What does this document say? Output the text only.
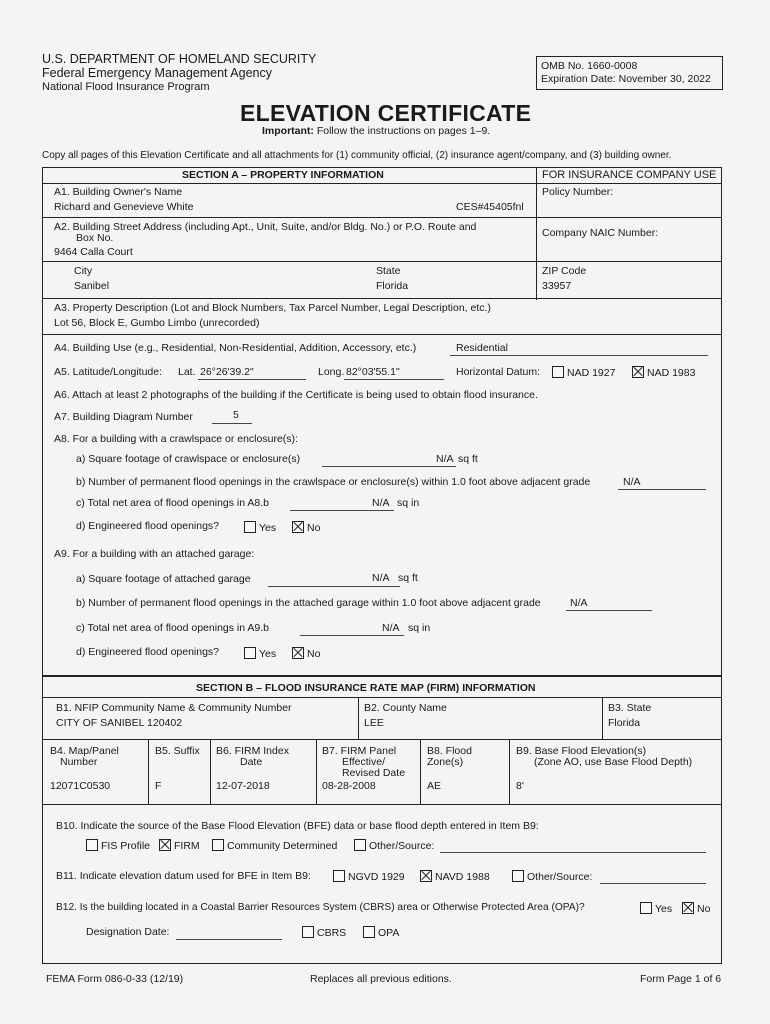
U.S. DEPARTMENT OF HOMELAND SECURITY
Federal Emergency Management Agency
National Flood Insurance Program
OMB No. 1660-0008
Expiration Date: November 30, 2022
ELEVATION CERTIFICATE
Important: Follow the instructions on pages 1–9.
Copy all pages of this Elevation Certificate and all attachments for (1) community official, (2) insurance agent/company, and (3) building owner.
SECTION A – PROPERTY INFORMATION	FOR INSURANCE COMPANY USE
A1. Building Owner's Name
Richard and Genevieve White	CES#45405fnl
Policy Number:
A2. Building Street Address (including Apt., Unit, Suite, and/or Bldg. No.) or P.O. Route and
Box No.
9464 Calla Court
Company NAIC Number:
City
Sanibel
State
Florida
ZIP Code
33957
A3. Property Description (Lot and Block Numbers, Tax Parcel Number, Legal Description, etc.)
Lot 56, Block E, Gumbo Limbo (unrecorded)
A4. Building Use (e.g., Residential, Non-Residential, Addition, Accessory, etc.)	Residential
A5. Latitude/Longitude: Lat. 26°26'39.2"	Long. 82°03'55.1"	Horizontal Datum:	NAD 1927	NAD 1983
A6. Attach at least 2 photographs of the building if the Certificate is being used to obtain flood insurance.
A7. Building Diagram Number	5
A8. For a building with a crawlspace or enclosure(s):
a) Square footage of crawlspace or enclosure(s)	N/A sq ft
b) Number of permanent flood openings in the crawlspace or enclosure(s) within 1.0 foot above adjacent grade	N/A
c) Total net area of flood openings in A8.b	N/A sq in
d) Engineered flood openings?	Yes	No
A9. For a building with an attached garage:
a) Square footage of attached garage	N/A sq ft
b) Number of permanent flood openings in the attached garage within 1.0 foot above adjacent grade	N/A
c) Total net area of flood openings in A9.b	N/A sq in
d) Engineered flood openings?	Yes	No
SECTION B – FLOOD INSURANCE RATE MAP (FIRM) INFORMATION
B1. NFIP Community Name & Community Number
CITY OF SANIBEL 120402
B2. County Name
LEE
B3. State
Florida
B4. Map/Panel
Number
12071C0530
B5. Suffix
F
B6. FIRM Index
Date
12-07-2018
B7. FIRM Panel
Effective/
Revised Date
08-28-2008
B8. Flood
Zone(s)
AE
B9. Base Flood Elevation(s)
(Zone AO, use Base Flood Depth)
8'
B10. Indicate the source of the Base Flood Elevation (BFE) data or base flood depth entered in Item B9:
FIS Profile	FIRM	Community Determined	Other/Source:
B11. Indicate elevation datum used for BFE in Item B9:	NGVD 1929	NAVD 1988	Other/Source:
B12. Is the building located in a Coastal Barrier Resources System (CBRS) area or Otherwise Protected Area (OPA)?	Yes	No
Designation Date:	CBRS	OPA
FEMA Form 086-0-33 (12/19)	Replaces all previous editions.	Form Page 1 of 6
